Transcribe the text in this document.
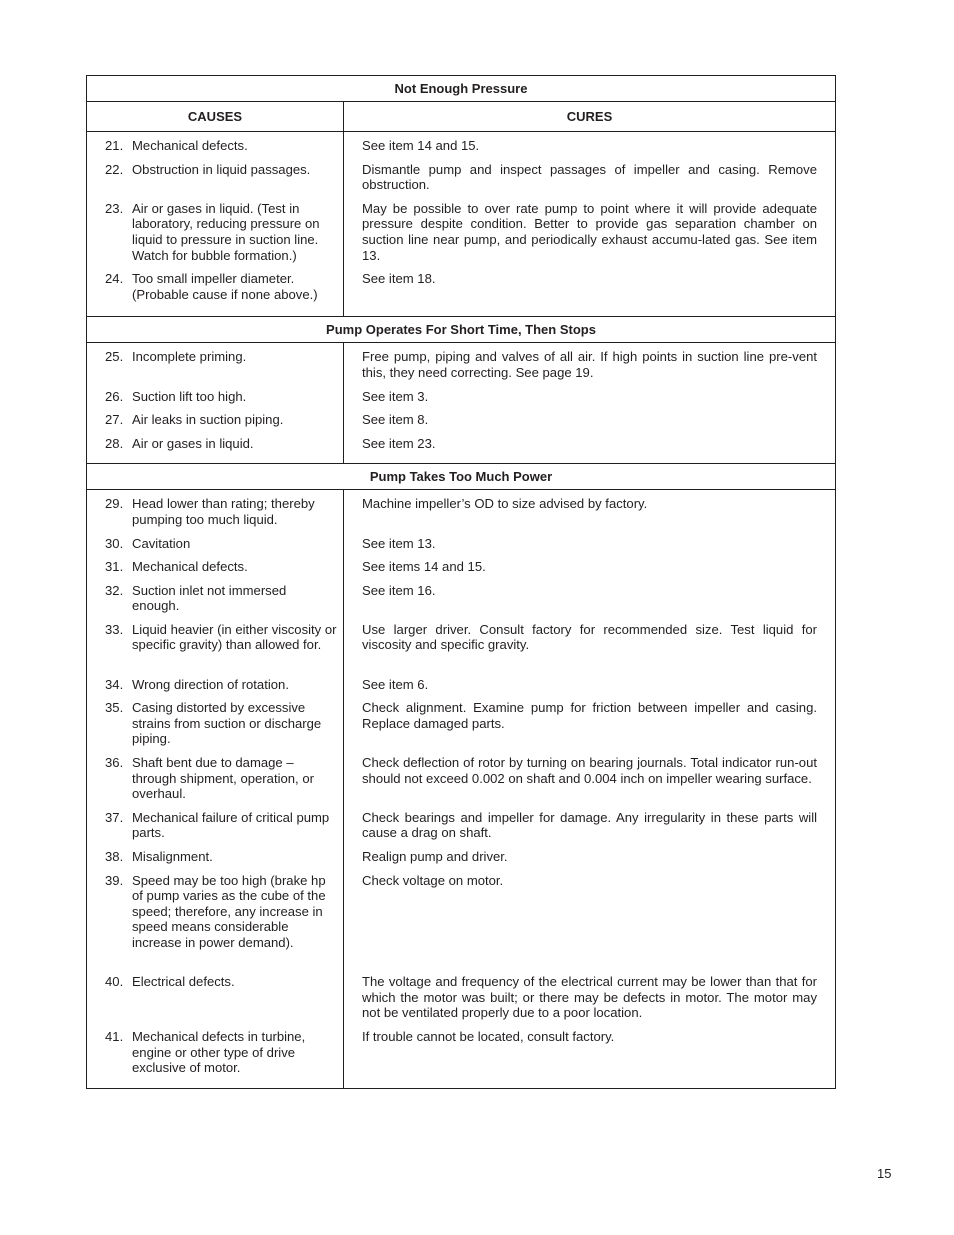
Not Enough Pressure	
CAUSES	CURES

21. Mechanical defects.	See item 14 and 15.

22. Obstruction in liquid passages.	Dismantle pump and inspect passages of impeller and casing. Remove obstruction.

23. Air or gases in liquid. (Test in laboratory, reducing pressure on liquid to pressure in suction line. Watch for bubble formation.)	May be possible to over rate pump to point where it will provide adequate pressure despite condition. Better to provide gas separation chamber on suction line near pump, and periodically exhaust accumu-lated gas. See item 13.

24. Too small impeller diameter. (Probable cause if none above.)	See item 18.

Pump Operates For Short Time, Then Stops	

25. Incomplete priming.	Free pump, piping and valves of all air. If high points in suction line pre-vent this, they need correcting. See page 19.

26. Suction lift too high.	See item 3.

27. Air leaks in suction piping.	See item 8.

28. Air or gases in liquid.	See item 23.

Pump Takes Too Much Power	

29. Head lower than rating; thereby pumping too much liquid.	Machine impeller’s OD to size advised by factory.

30. Cavitation	See item 13.

31. Mechanical defects.	See items 14 and 15.

32. Suction inlet not immersed enough.	See item 16.

33. Liquid heavier (in either viscosity or specific gravity) than allowed for.	Use larger driver. Consult factory for recommended size. Test liquid for viscosity and specific gravity.

34. Wrong direction of rotation.	See item 6.

35. Casing distorted by excessive strains from suction or discharge piping.	Check alignment. Examine pump for friction between impeller and casing. Replace damaged parts.

36. Shaft bent due to damage – through shipment, operation, or overhaul.	Check deflection of rotor by turning on bearing journals. Total indicator run-out should not exceed 0.002 on shaft and 0.004 inch on impeller wearing surface.

37. Mechanical failure of critical pump parts.	Check bearings and impeller for damage. Any irregularity in these parts will cause a drag on shaft.

38. Misalignment.	Realign pump and driver.

39. Speed may be too high (brake hp of pump varies as the cube of the speed; therefore, any increase in speed means considerable increase in power demand).	Check voltage on motor.

40. Electrical defects.	The voltage and frequency of the electrical current may be lower than that for which the motor was built; or there may be defects in motor. The motor may not be ventilated properly due to a poor location.

41. Mechanical defects in turbine, engine or other type of drive exclusive of motor.	If trouble cannot be located, consult factory.
15
